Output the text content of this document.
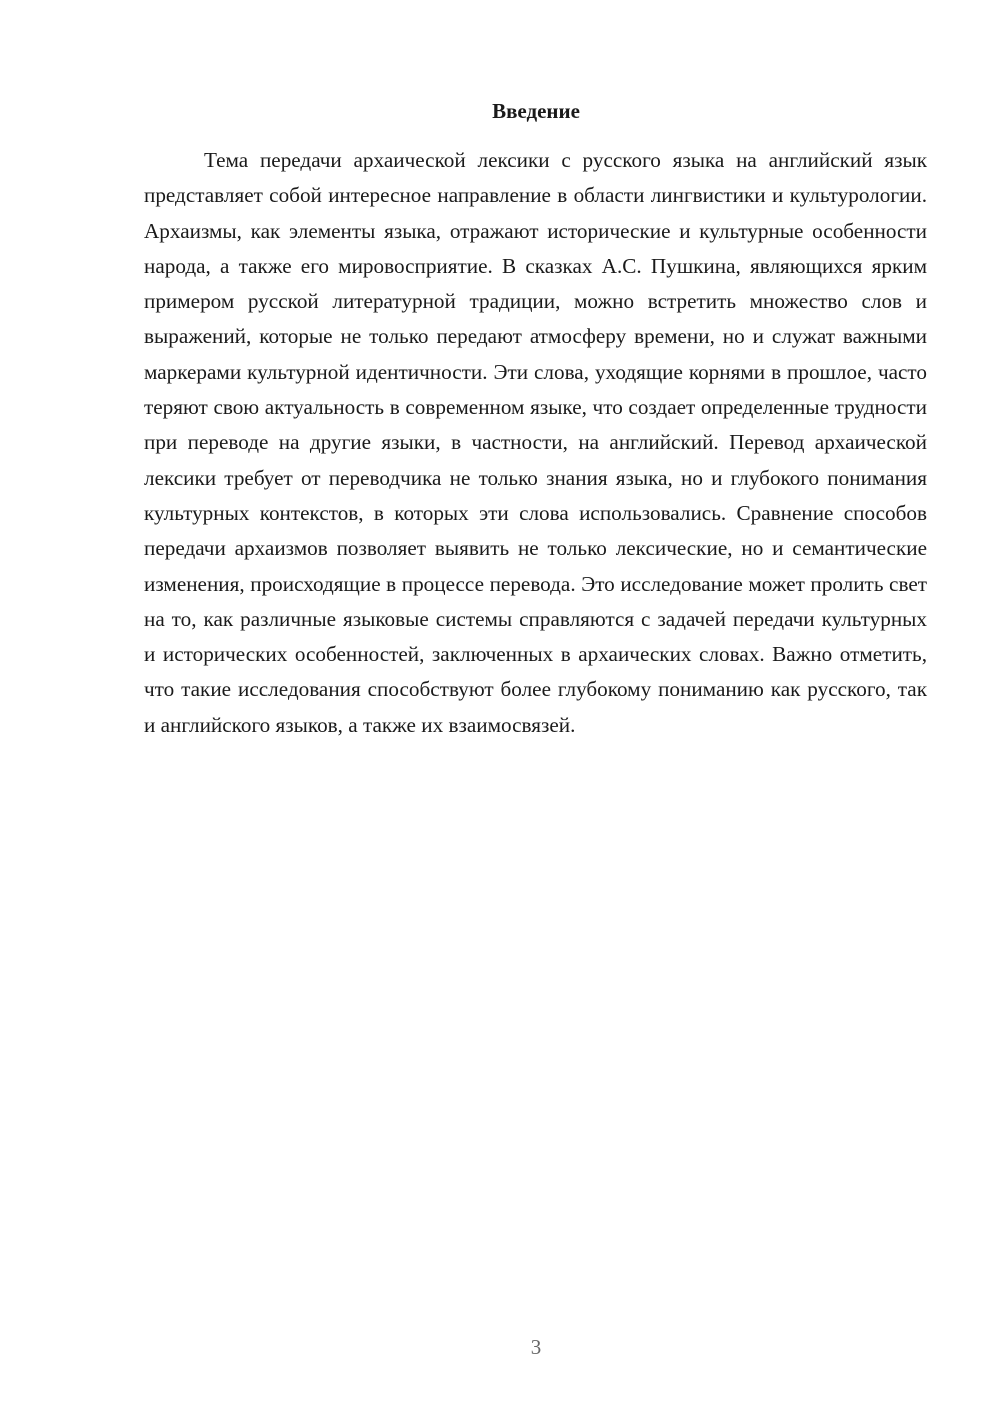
Введение

Тема передачи архаической лексики с русского языка на английский язык представляет собой интересное направление в области лингвистики и культурологии. Архаизмы, как элементы языка, отражают исторические и культурные особенности народа, а также его мировосприятие. В сказках А.С. Пушкина, являющихся ярким примером русской литературной традиции, можно встретить множество слов и выражений, которые не только передают атмосферу времени, но и служат важными маркерами культурной идентичности. Эти слова, уходящие корнями в прошлое, часто теряют свою актуальность в современном языке, что создает определенные трудности при переводе на другие языки, в частности, на английский. Перевод архаической лексики требует от переводчика не только знания языка, но и глубокого понимания культурных контекстов, в которых эти слова использовались. Сравнение способов передачи архаизмов позволяет выявить не только лексические, но и семантические изменения, происходящие в процессе перевода. Это исследование может пролить свет на то, как различные языковые системы справляются с задачей передачи культурных и исторических особенностей, заключенных в архаических словах. Важно отметить, что такие исследования способствуют более глубокому пониманию как русского, так и английского языков, а также их взаимосвязей.

3
